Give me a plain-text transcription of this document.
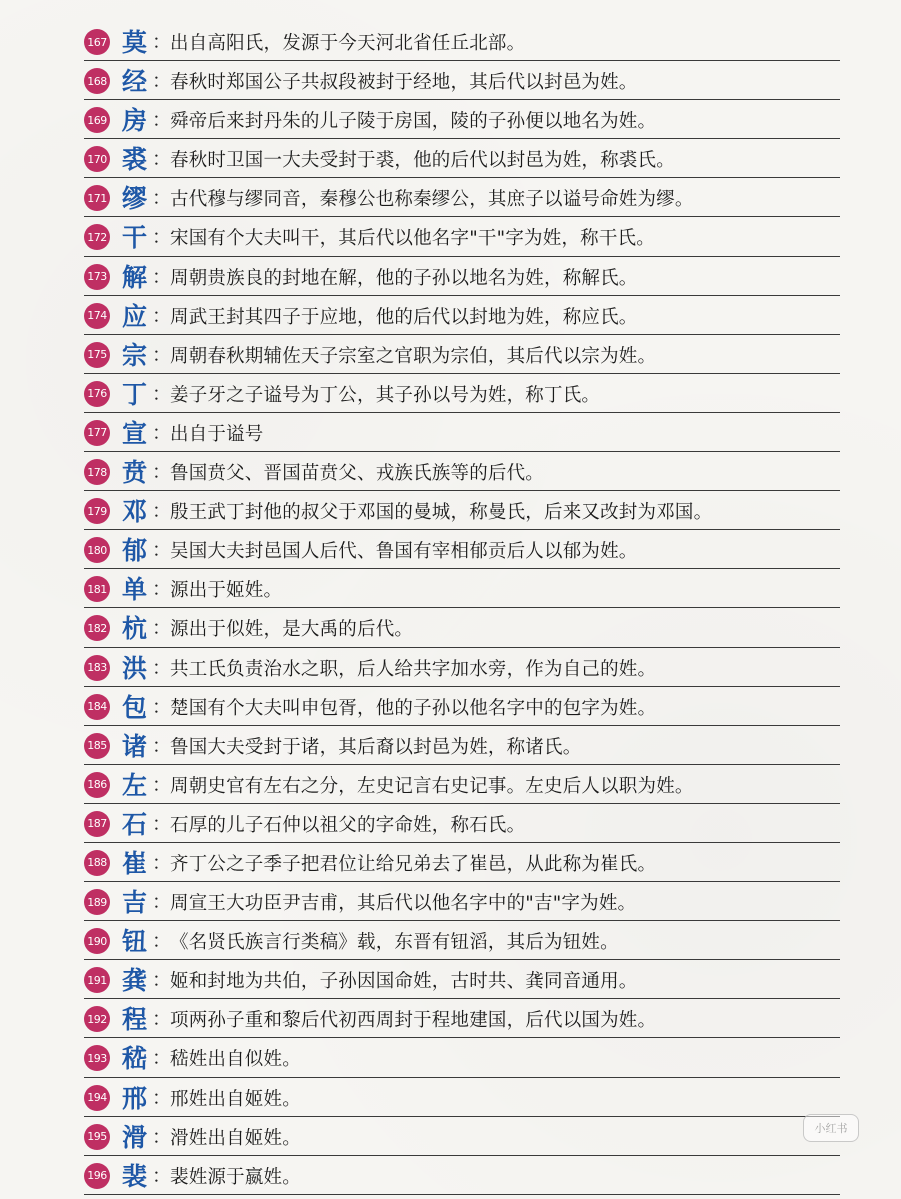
167 莫 ：
出自高阳氏，发源于今天河北省任丘北部。
168 经 ：
春秋时郑国公子共叔段被封于经地，其后代以封邑为姓。
169 房 ：
舜帝后来封丹朱的儿子陵于房国，陵的子孙便以地名为姓。
170 裘 ：
春秋时卫国一大夫受封于裘，他的后代以封邑为姓，称裘氏。
171 缪 ：
古代穆与缪同音，秦穆公也称秦缪公，其庶子以谥号命姓为缪。
172 干 ：
宋国有个大夫叫干，其后代以他名字"干"字为姓，称干氏。
173 解 ：
周朝贵族良的封地在解，他的子孙以地名为姓，称解氏。
174 应 ：
周武王封其四子于应地，他的后代以封地为姓，称应氏。
175 宗 ：
周朝春秋期辅佐天子宗室之官职为宗伯，其后代以宗为姓。
176 丁 ：
姜子牙之子谥号为丁公，其子孙以号为姓，称丁氏。
177 宣 ：
出自于谥号
178 贲 ：
鲁国贲父、晋国苗贲父、戎族氏族等的后代。
179 邓 ：
殷王武丁封他的叔父于邓国的曼城，称曼氏，后来又改封为邓国。
180 郁 ：
吴国大夫封邑国人后代、鲁国有宰相郁贡后人以郁为姓。
181 单 ：
源出于姬姓。
182 杭 ：
源出于似姓，是大禹的后代。
183 洪 ：
共工氏负责治水之职，后人给共字加水旁，作为自己的姓。
184 包 ：
楚国有个大夫叫申包胥，他的子孙以他名字中的包字为姓。
185 诸 ：
鲁国大夫受封于诸，其后裔以封邑为姓，称诸氏。
186 左 ：
周朝史官有左右之分，左史记言右史记事。左史后人以职为姓。
187 石 ：
石厚的儿子石仲以祖父的字命姓，称石氏。
188 崔 ：
齐丁公之子季子把君位让给兄弟去了崔邑，从此称为崔氏。
189 吉 ：
周宣王大功臣尹吉甫，其后代以他名字中的"吉"字为姓。
190 钮 ：
《名贤氏族言行类稿》载，东晋有钮滔，其后为钮姓。
191 龚 ：
姬和封地为共伯，子孙因国命姓，古时共、龚同音通用。
192 程 ：
项两孙子重和黎后代初西周封于程地建国，后代以国为姓。
193 嵇 ：
嵇姓出自似姓。
194 邢 ：
邢姓出自姬姓。
195 滑 ：
滑姓出自姬姓。
196 裴 ：
裴姓源于嬴姓。
小红书
